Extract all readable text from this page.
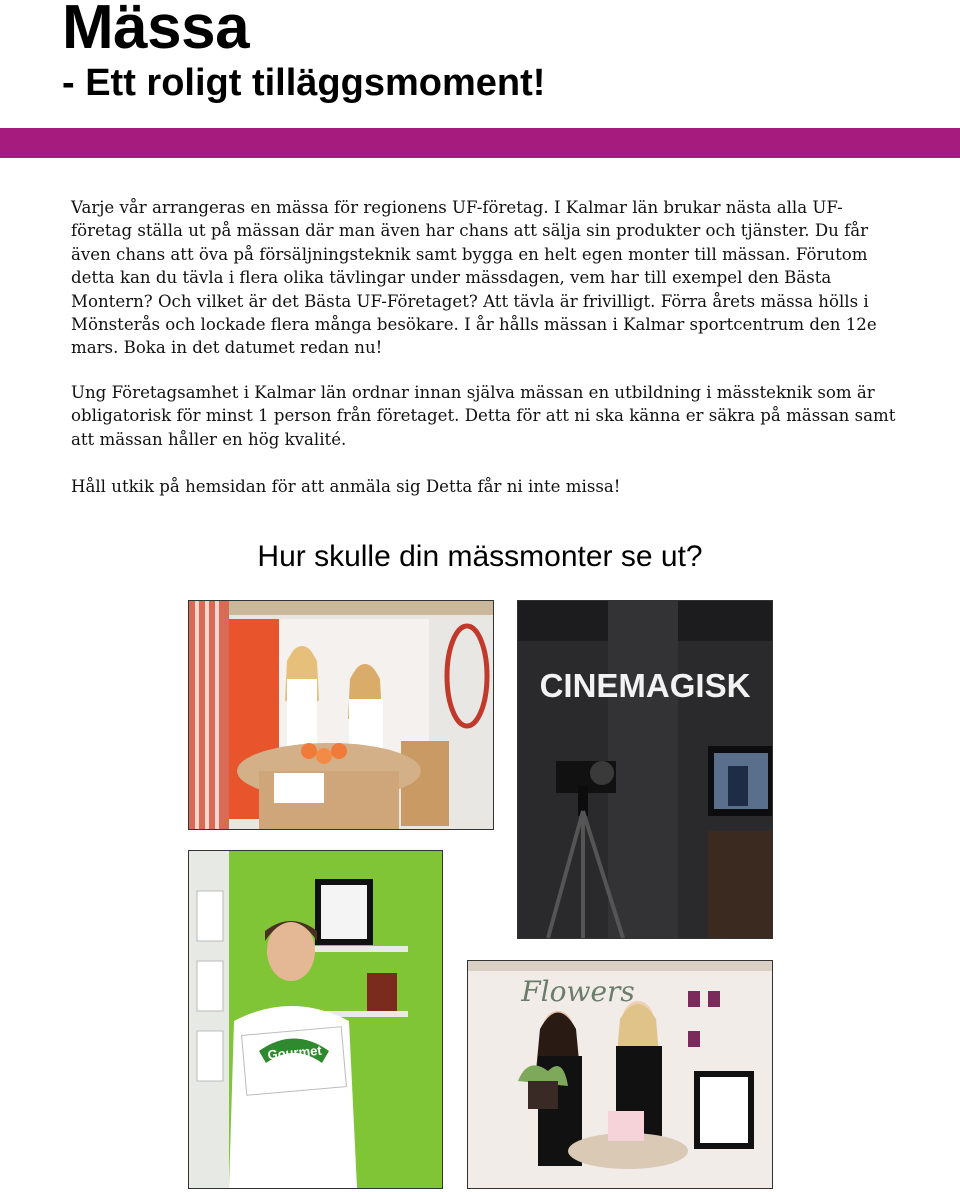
Mässa
- Ett roligt tilläggsmoment!

Varje vår arrangeras en mässa för regionens UF-företag. I Kalmar län brukar nästa alla UF-företag ställa ut på mässan där man även har chans att sälja sin produkter och tjänster. Du får även chans att öva på försäljningsteknik samt bygga en helt egen monter till mässan. Förutom detta kan du tävla i flera olika tävlingar under mässdagen, vem har till exempel den Bästa Montern? Och vilket är det Bästa UF-Företaget? Att tävla är frivilligt. Förra årets mässa hölls i Mönsterås och lockade flera många besökare. I år hålls mässan i Kalmar sportcentrum den 12e mars. Boka in det datumet redan nu!

Ung Företagsamhet i Kalmar län ordnar innan själva mässan en utbildning i mässteknik som är obligatorisk för minst 1 person från företaget. Detta för att ni ska känna er säkra på mässan samt att mässan håller en hög kvalité.

Håll utkik på hemsidan för att anmäla sig Detta får ni inte missa!

Hur skulle din mässmonter se ut?
CINEMAGISK
Gourmet
Flowers
